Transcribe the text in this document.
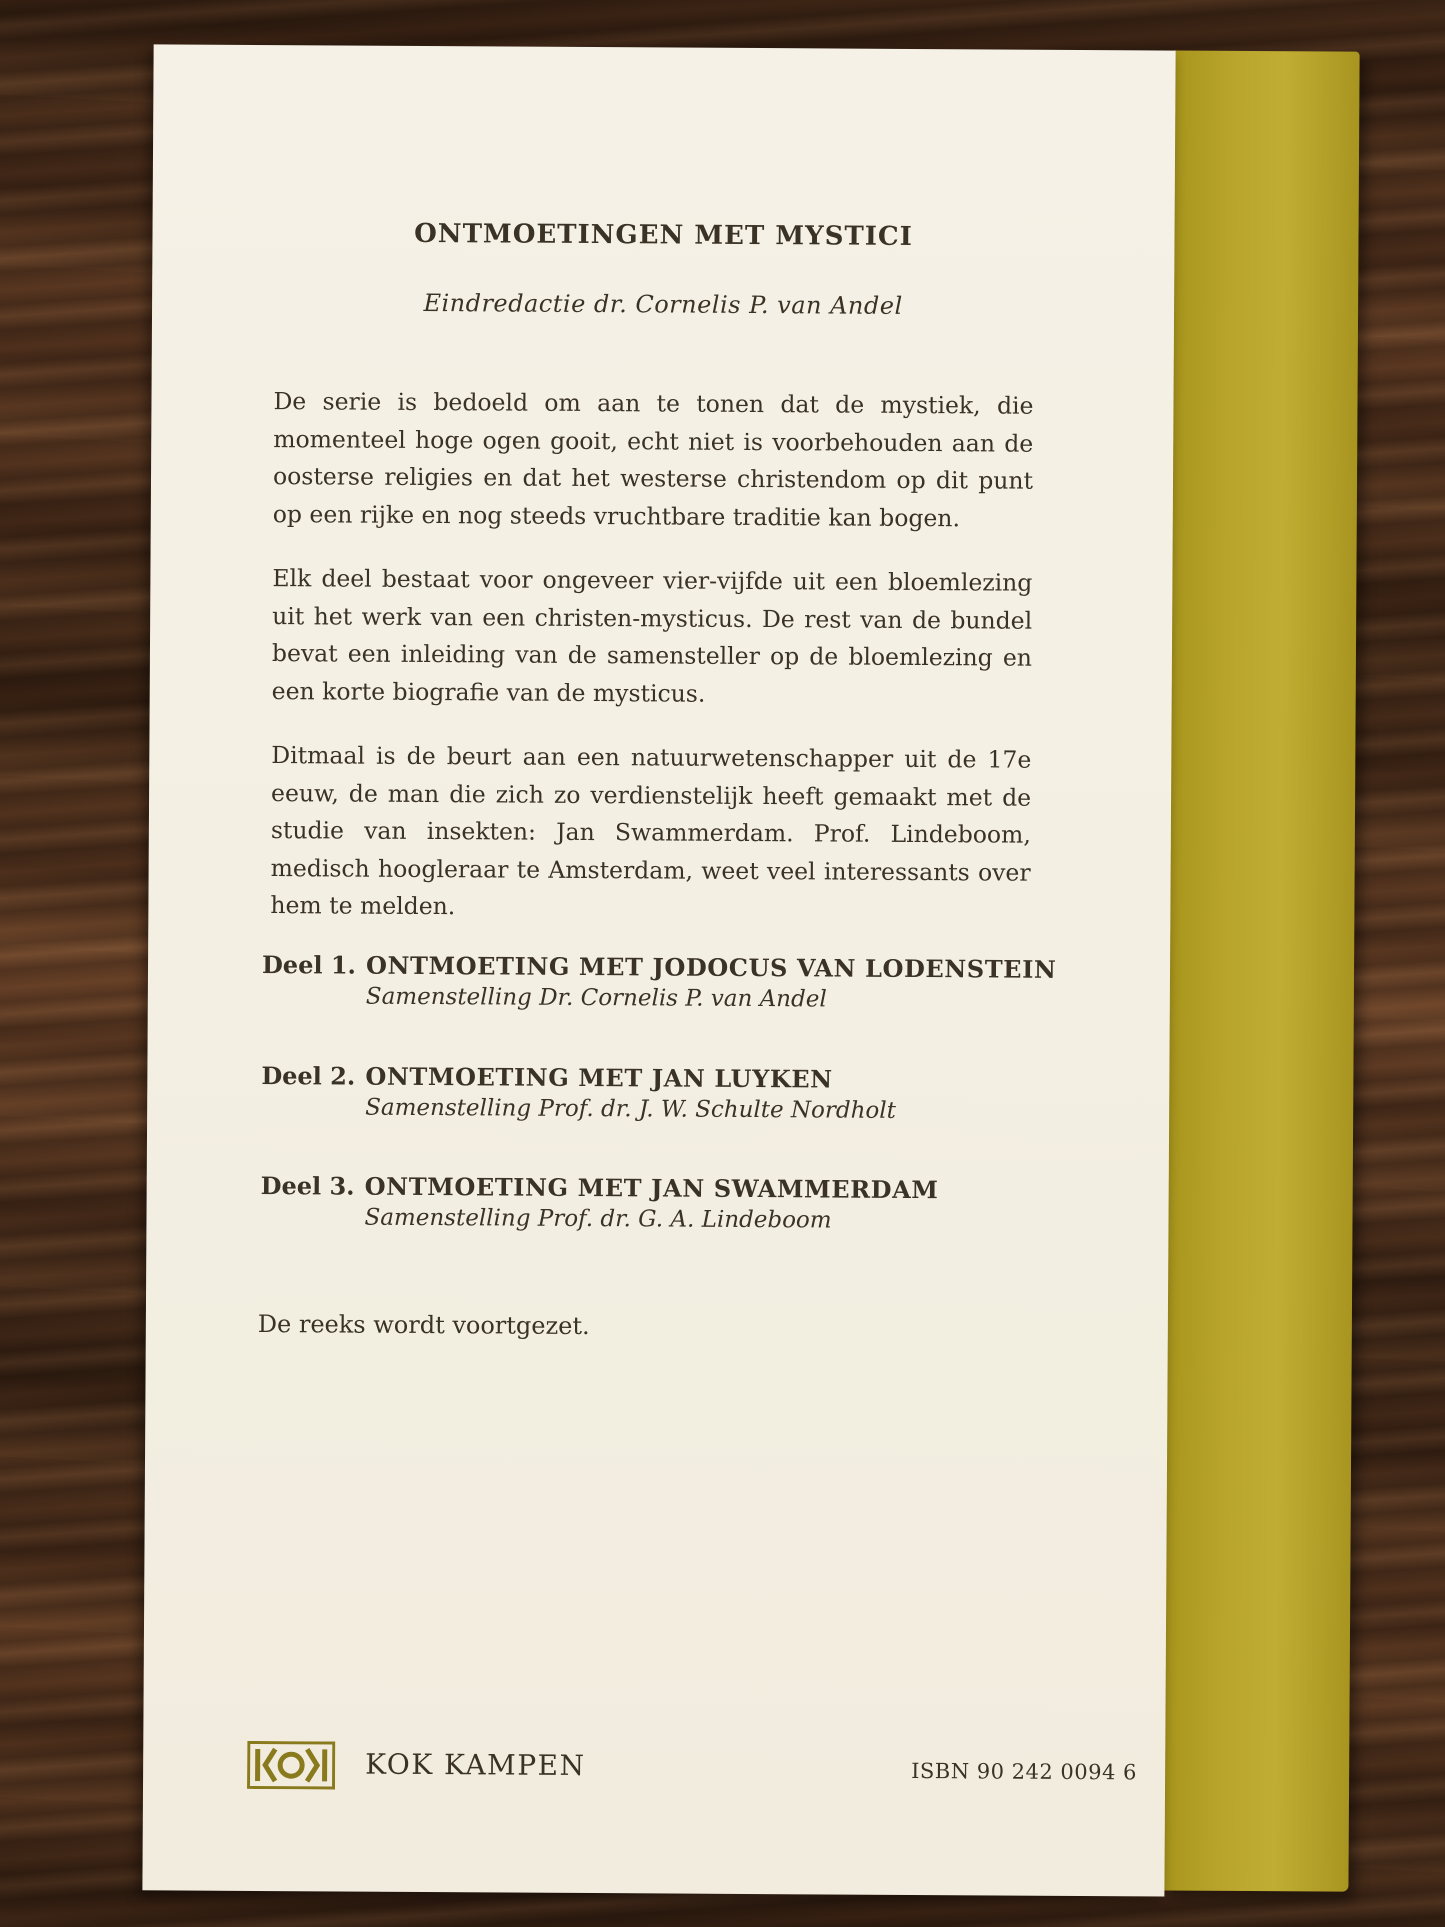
ONTMOETINGEN MET MYSTICI
Eindredactie dr. Cornelis P. van Andel
De serie is bedoeld om aan te tonen dat de mystiek, die momenteel hoge ogen gooit, echt niet is voorbehouden aan de oosterse religies en dat het westerse christendom op dit punt op een rijke en nog steeds vruchtbare traditie kan bogen.
Elk deel bestaat voor ongeveer vier-vijfde uit een bloemlezing uit het werk van een christen-mysticus. De rest van de bundel bevat een inleiding van de samensteller op de bloemlezing en een korte biografie van de mysticus.
Ditmaal is de beurt aan een natuurwetenschapper uit de 17e eeuw, de man die zich zo verdienstelijk heeft gemaakt met de studie van insekten: Jan Swammerdam. Prof. Lindeboom, medisch hoogleraar te Amsterdam, weet veel interessants over hem te melden.
Deel 1. ONTMOETING MET JODOCUS VAN LODENSTEIN
Samenstelling Dr. Cornelis P. van Andel
Deel 2. ONTMOETING MET JAN LUYKEN
Samenstelling Prof. dr. J. W. Schulte Nordholt
Deel 3. ONTMOETING MET JAN SWAMMERDAM
Samenstelling Prof. dr. G. A. Lindeboom
De reeks wordt voortgezet.
KOK KAMPEN	ISBN 90 242 0094 6
